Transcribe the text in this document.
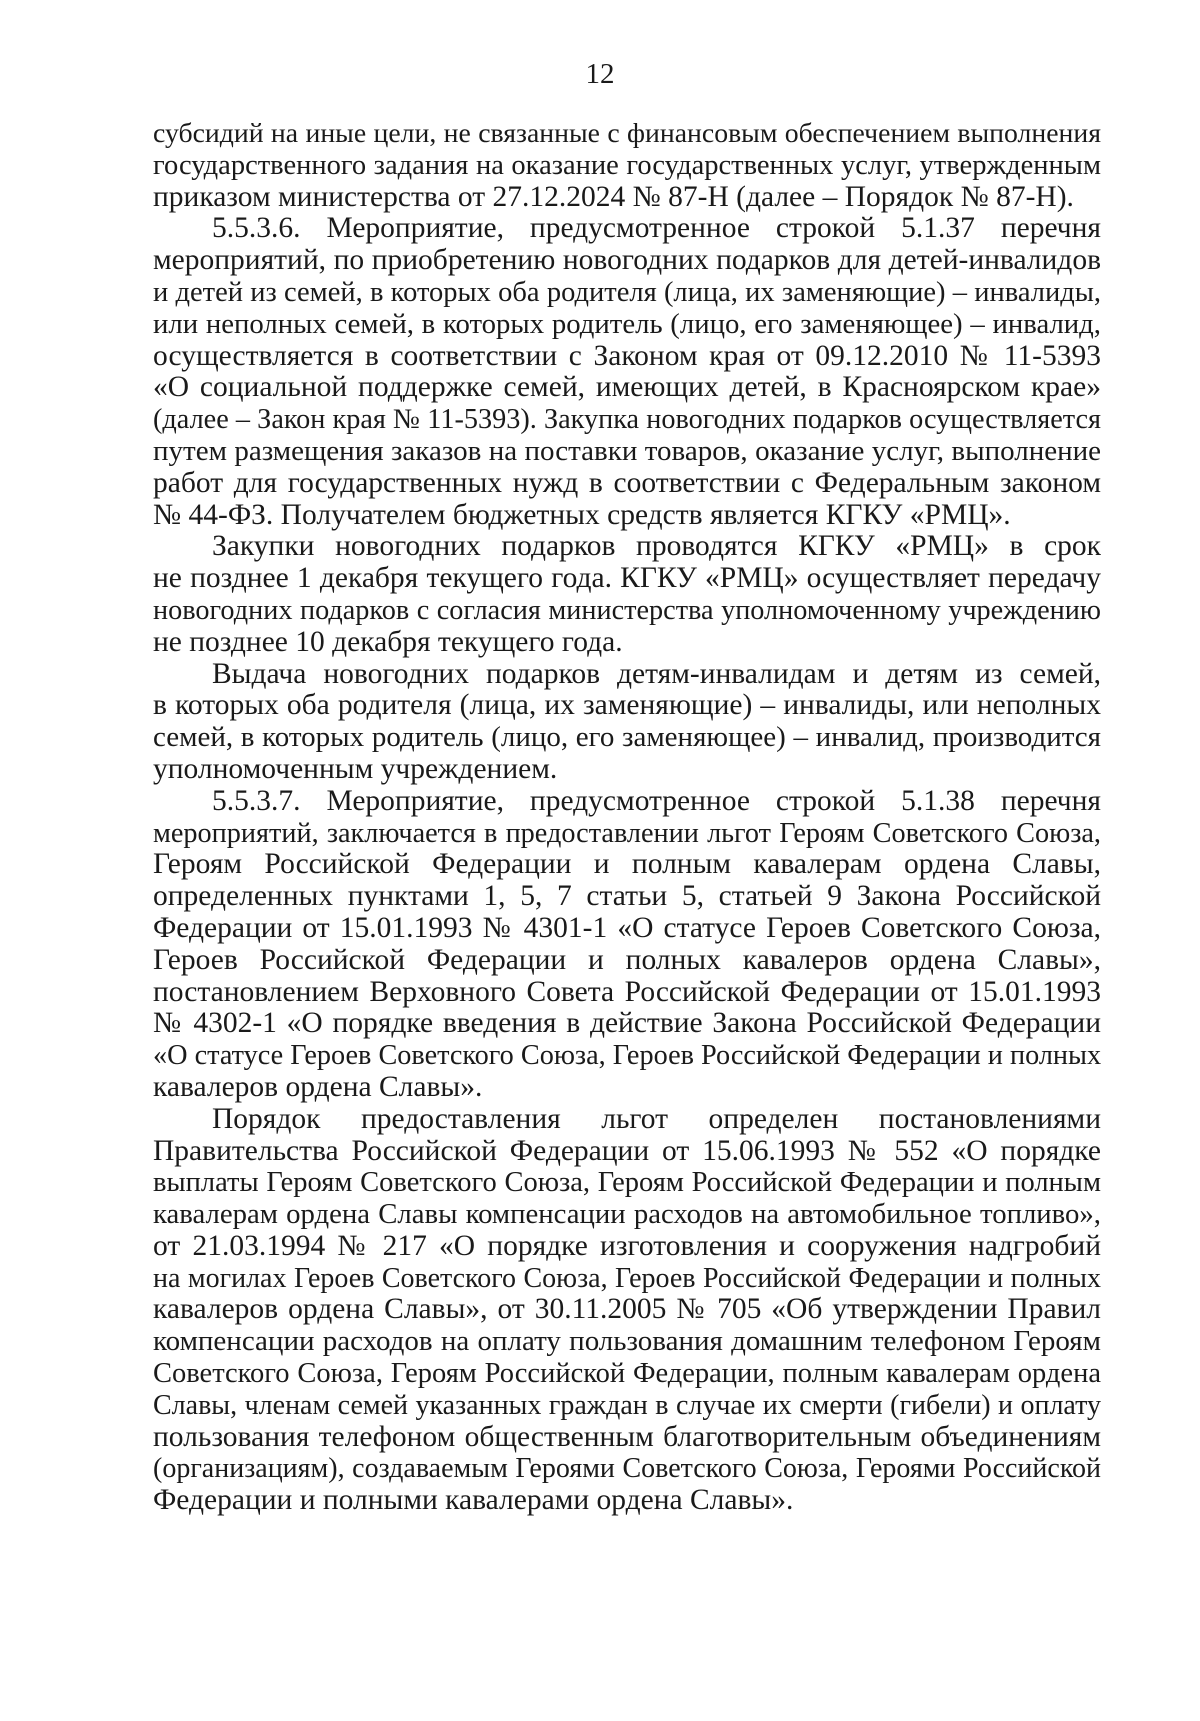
12
субсидий на иные цели, не связанные с финансовым обеспечением выполнения
государственного задания на оказание государственных услуг, утвержденным
приказом министерства от 27.12.2024 № 87-Н (далее – Порядок № 87-Н).
5.5.3.6. Мероприятие, предусмотренное строкой 5.1.37 перечня
мероприятий, по приобретению новогодних подарков для детей-инвалидов
и детей из семей, в которых оба родителя (лица, их заменяющие) – инвалиды,
или неполных семей, в которых родитель (лицо, его заменяющее) – инвалид,
осуществляется в соответствии с Законом края от 09.12.2010 № 11-5393
«О социальной поддержке семей, имеющих детей, в Красноярском крае»
(далее – Закон края № 11-5393). Закупка новогодних подарков осуществляется
путем размещения заказов на поставки товаров, оказание услуг, выполнение
работ для государственных нужд в соответствии с Федеральным законом
№ 44-ФЗ. Получателем бюджетных средств является КГКУ «РМЦ».
Закупки новогодних подарков проводятся КГКУ «РМЦ» в срок
не позднее 1 декабря текущего года. КГКУ «РМЦ» осуществляет передачу
новогодних подарков с согласия министерства уполномоченному учреждению
не позднее 10 декабря текущего года.
Выдача новогодних подарков детям-инвалидам и детям из семей,
в которых оба родителя (лица, их заменяющие) – инвалиды, или неполных
семей, в которых родитель (лицо, его заменяющее) – инвалид, производится
уполномоченным учреждением.
5.5.3.7. Мероприятие, предусмотренное строкой 5.1.38 перечня
мероприятий, заключается в предоставлении льгот Героям Советского Союза,
Героям Российской Федерации и полным кавалерам ордена Славы,
определенных пунктами 1, 5, 7 статьи 5, статьей 9 Закона Российской
Федерации от 15.01.1993 № 4301-1 «О статусе Героев Советского Союза,
Героев Российской Федерации и полных кавалеров ордена Славы»,
постановлением Верховного Совета Российской Федерации от 15.01.1993
№ 4302-1 «О порядке введения в действие Закона Российской Федерации
«О статусе Героев Советского Союза, Героев Российской Федерации и полных
кавалеров ордена Славы».
Порядок предоставления льгот определен постановлениями
Правительства Российской Федерации от 15.06.1993 № 552 «О порядке
выплаты Героям Советского Союза, Героям Российской Федерации и полным
кавалерам ордена Славы компенсации расходов на автомобильное топливо»,
от 21.03.1994 № 217 «О порядке изготовления и сооружения надгробий
на могилах Героев Советского Союза, Героев Российской Федерации и полных
кавалеров ордена Славы», от 30.11.2005 № 705 «Об утверждении Правил
компенсации расходов на оплату пользования домашним телефоном Героям
Советского Союза, Героям Российской Федерации, полным кавалерам ордена
Славы, членам семей указанных граждан в случае их смерти (гибели) и оплату
пользования телефоном общественным благотворительным объединениям
(организациям), создаваемым Героями Советского Союза, Героями Российской
Федерации и полными кавалерами ордена Славы».
